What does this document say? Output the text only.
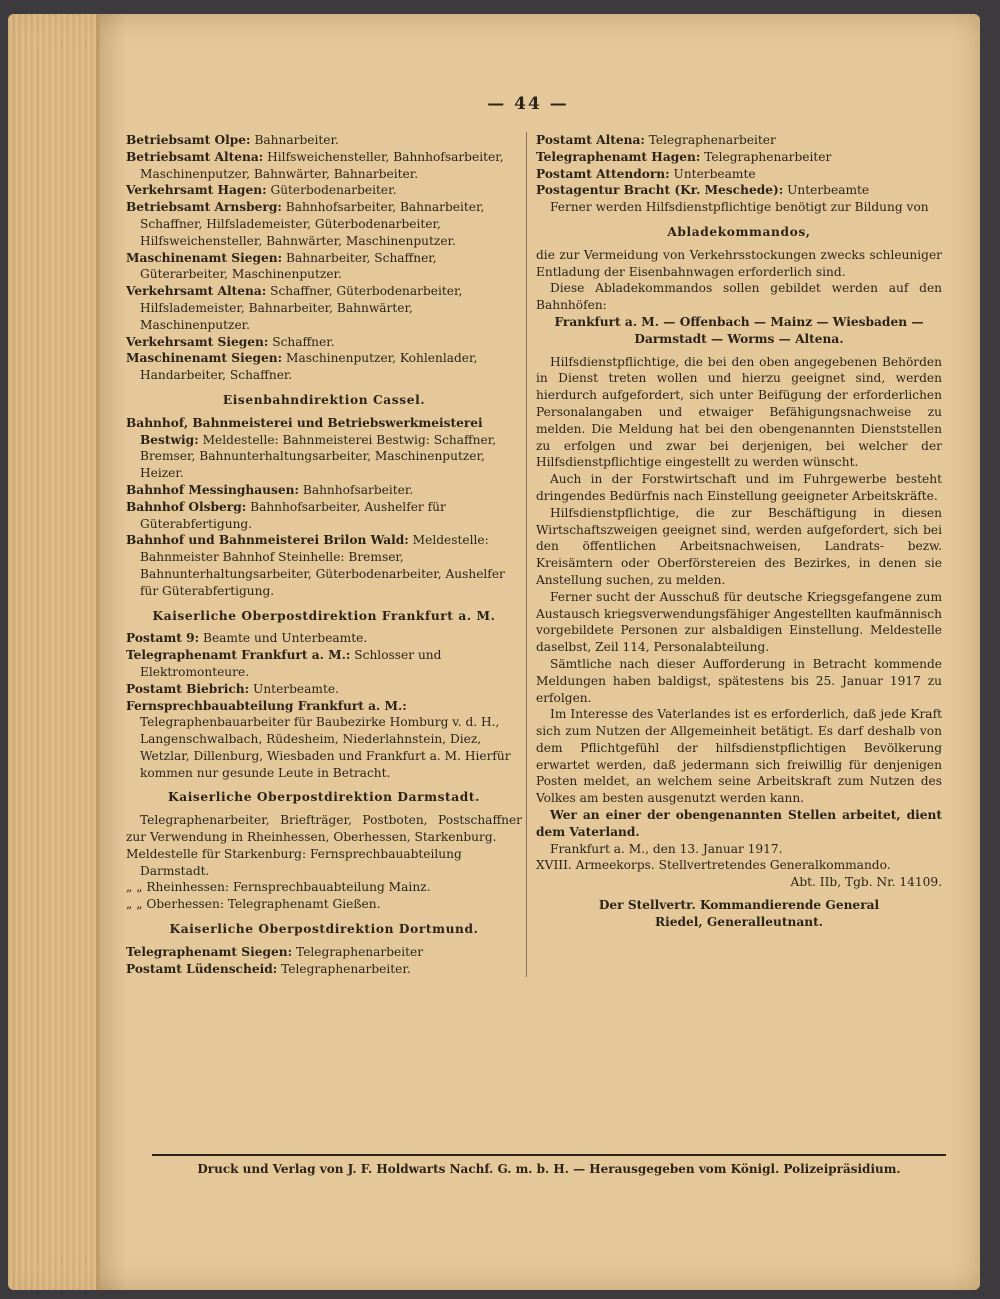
— 44 —

Betriebsamt Olpe: Bahnarbeiter.

Betriebsamt Altena: Hilfsweichensteller, Bahnhofsarbeiter, Maschinenputzer, Bahnwärter, Bahnarbeiter.

Verkehrsamt Hagen: Güterbodenarbeiter.

Betriebsamt Arnsberg: Bahnhofsarbeiter, Bahnarbeiter, Schaffner, Hilfslademeister, Güterbodenarbeiter, Hilfsweichensteller, Bahnwärter, Maschinenputzer.

Maschinenamt Siegen: Bahnarbeiter, Schaffner, Güterarbeiter, Maschinenputzer.

Verkehrsamt Altena: Schaffner, Güterbodenarbeiter, Hilfslademeister, Bahnarbeiter, Bahnwärter, Maschinenputzer.

Verkehrsamt Siegen: Schaffner.

Maschinenamt Siegen: Maschinenputzer, Kohlenlader, Handarbeiter, Schaffner.

Eisenbahndirektion Cassel.

Bahnhof, Bahnmeisterei und Betriebswerkmeisterei Bestwig: Meldestelle: Bahnmeisterei Bestwig: Schaffner, Bremser, Bahnunterhaltungsarbeiter, Maschinenputzer, Heizer.

Bahnhof Messinghausen: Bahnhofsarbeiter.

Bahnhof Olsberg: Bahnhofsarbeiter, Aushelfer für Güterabfertigung.

Bahnhof und Bahnmeisterei Brilon Wald: Meldestelle: Bahnmeister Bahnhof Steinhelle: Bremser, Bahnunterhaltungsarbeiter, Güterbodenarbeiter, Aushelfer für Güterabfertigung.

Kaiserliche Oberpostdirektion Frankfurt a. M.

Postamt 9: Beamte und Unterbeamte.

Telegraphenamt Frankfurt a. M.: Schlosser und Elektromonteure.

Postamt Biebrich: Unterbeamte.

Fernsprechbauabteilung Frankfurt a. M.: Telegraphenbauarbeiter für Baubezirke Homburg v. d. H., Langenschwalbach, Rüdesheim, Niederlahnstein, Diez, Wetzlar, Dillenburg, Wiesbaden und Frankfurt a. M. Hierfür kommen nur gesunde Leute in Betracht.

Kaiserliche Oberpostdirektion Darmstadt.

Telegraphenarbeiter, Briefträger, Postboten, Postschaffner zur Verwendung in Rheinhessen, Oberhessen, Starkenburg.

Meldestelle für Starkenburg: Fernsprechbauabteilung Darmstadt.

„ „ Rheinhessen: Fernsprechbauabteilung Mainz.

„ „ Oberhessen: Telegraphenamt Gießen.

Kaiserliche Oberpostdirektion Dortmund.

Telegraphenamt Siegen: Telegraphenarbeiter

Postamt Lüdenscheid: Telegraphenarbeiter.

Postamt Altena: Telegraphenarbeiter

Telegraphenamt Hagen: Telegraphenarbeiter

Postamt Attendorn: Unterbeamte

Postagentur Bracht (Kr. Meschede): Unterbeamte

Ferner werden Hilfsdienstpflichtige benötigt zur Bildung von

Abladekommandos,

die zur Vermeidung von Verkehrsstockungen zwecks schleuniger Entladung der Eisenbahnwagen erforderlich sind.

Diese Abladekommandos sollen gebildet werden auf den Bahnhöfen:

Frankfurt a. M. — Offenbach — Mainz — Wiesbaden — Darmstadt — Worms — Altena.

Hilfsdienstpflichtige, die bei den oben angegebenen Behörden in Dienst treten wollen und hierzu geeignet sind, werden hierdurch aufgefordert, sich unter Beifügung der erforderlichen Personalangaben und etwaiger Befähigungsnachweise zu melden. Die Meldung hat bei den obengenannten Dienststellen zu erfolgen und zwar bei derjenigen, bei welcher der Hilfsdienstpflichtige eingestellt zu werden wünscht.

Auch in der Forstwirtschaft und im Fuhrgewerbe besteht dringendes Bedürfnis nach Einstellung geeigneter Arbeitskräfte.

Hilfsdienstpflichtige, die zur Beschäftigung in diesen Wirtschaftszweigen geeignet sind, werden aufgefordert, sich bei den öffentlichen Arbeitsnachweisen, Landrats- bezw. Kreisämtern oder Oberförstereien des Bezirkes, in denen sie Anstellung suchen, zu melden.

Ferner sucht der Ausschuß für deutsche Kriegsgefangene zum Austausch kriegsverwendungsfähiger Angestellten kaufmännisch vorgebildete Personen zur alsbaldigen Einstellung. Meldestelle daselbst, Zeil 114, Personalabteilung.

Sämtliche nach dieser Aufforderung in Betracht kommende Meldungen haben baldigst, spätestens bis 25. Januar 1917 zu erfolgen.

Im Interesse des Vaterlandes ist es erforderlich, daß jede Kraft sich zum Nutzen der Allgemeinheit betätigt. Es darf deshalb von dem Pflichtgefühl der hilfsdienstpflichtigen Bevölkerung erwartet werden, daß jedermann sich freiwillig für denjenigen Posten meldet, an welchem seine Arbeitskraft zum Nutzen des Volkes am besten ausgenutzt werden kann.

Wer an einer der obengenannten Stellen arbeitet, dient dem Vaterland.

Frankfurt a. M., den 13. Januar 1917.

XVIII. Armeekorps. Stellvertretendes Generalkommando.

Abt. IIb, Tgb. Nr. 14109.

Der Stellvertr. Kommandierende General

Riedel, Generalleutnant.

Druck und Verlag von J. F. Holdwarts Nachf. G. m. b. H. — Herausgegeben vom Königl. Polizeipräsidium.
